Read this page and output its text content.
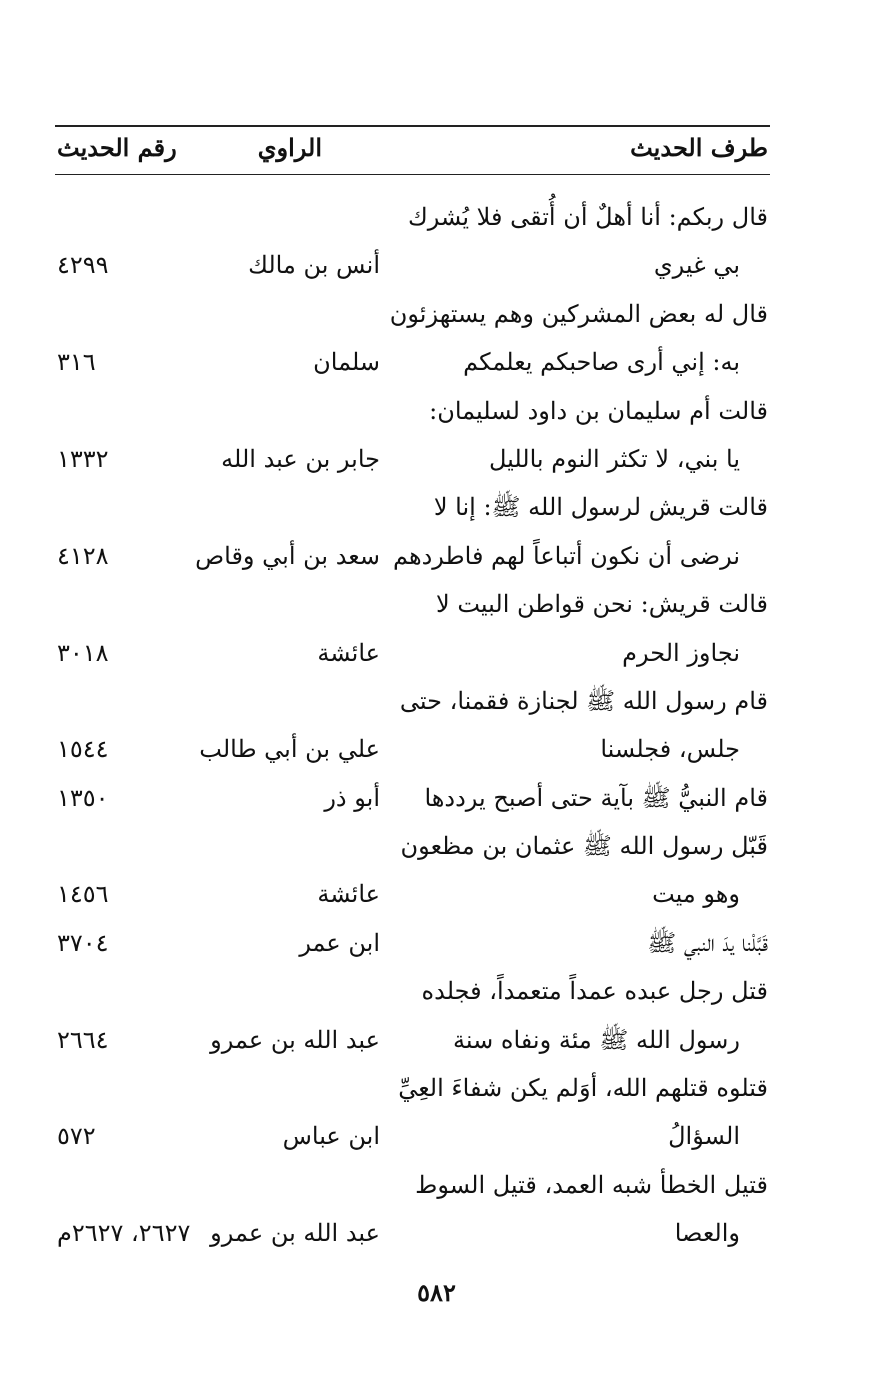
طرف الحديث
الراوي
رقم الحديث
قال ربكم: أنا أهلٌ أن أُتقى فلا يُشرك
بي غيري
أنس بن مالك
٤٢٩٩
قال له بعض المشركين وهم يستهزئون
به: إني أرى صاحبكم يعلمكم
سلمان
٣١٦
قالت أم سليمان بن داود لسليمان:
يا بني، لا تكثر النوم بالليل
جابر بن عبد الله
١٣٣٢
قالت قريش لرسول الله ﷺ: إنا لا
نرضى أن نكون أتباعاً لهم فاطردهم
سعد بن أبي وقاص
٤١٢٨
قالت قريش: نحن قواطن البيت لا
نجاوز الحرم
عائشة
٣٠١٨
قام رسول الله ﷺ لجنازة فقمنا، حتى
جلس، فجلسنا
علي بن أبي طالب
١٥٤٤
قام النبيُّ ﷺ بآية حتى أصبح يرددها
أبو ذر
١٣٥٠
قَبّل رسول الله ﷺ عثمان بن مظعون
وهو ميت
عائشة
١٤٥٦
قَبَّلْنا يدَ النبي ﷺ
ابن عمر
٣٧٠٤
قتل رجل عبده عمداً متعمداً، فجلده
رسول الله ﷺ مئة ونفاه سنة
عبد الله بن عمرو
٢٦٦٤
قتلوه قتلهم الله، أوَلم يكن شفاءَ العِيِّ
السؤالُ
ابن عباس
٥٧٢
قتيل الخطأ شبه العمد، قتيل السوط
والعصا
عبد الله بن عمرو
٢٦٢٧، ٢٦٢٧م
٥٨٢
